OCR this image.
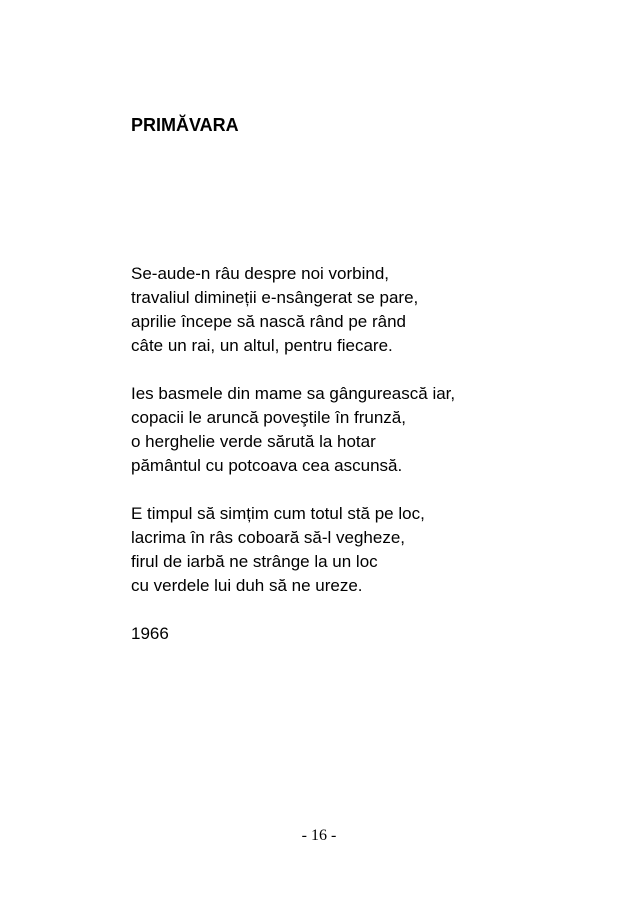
PRIMĂVARA
Se-aude-n râu despre noi vorbind,
travaliul dimineții e-nsângerat se pare,
aprilie începe să nască rând pe rând
câte un rai, un altul, pentru fiecare.
Ies basmele din mame sa gângurească iar,
copacii le aruncă poveştile în frunză,
o herghelie verde sărută la hotar
pământul cu potcoava cea ascunsă.
E timpul să simțim cum totul stă pe loc,
lacrima în râs coboară să-l vegheze,
firul de iarbă ne strânge la un loc
cu verdele lui duh să ne ureze.
1966
- 16 -
